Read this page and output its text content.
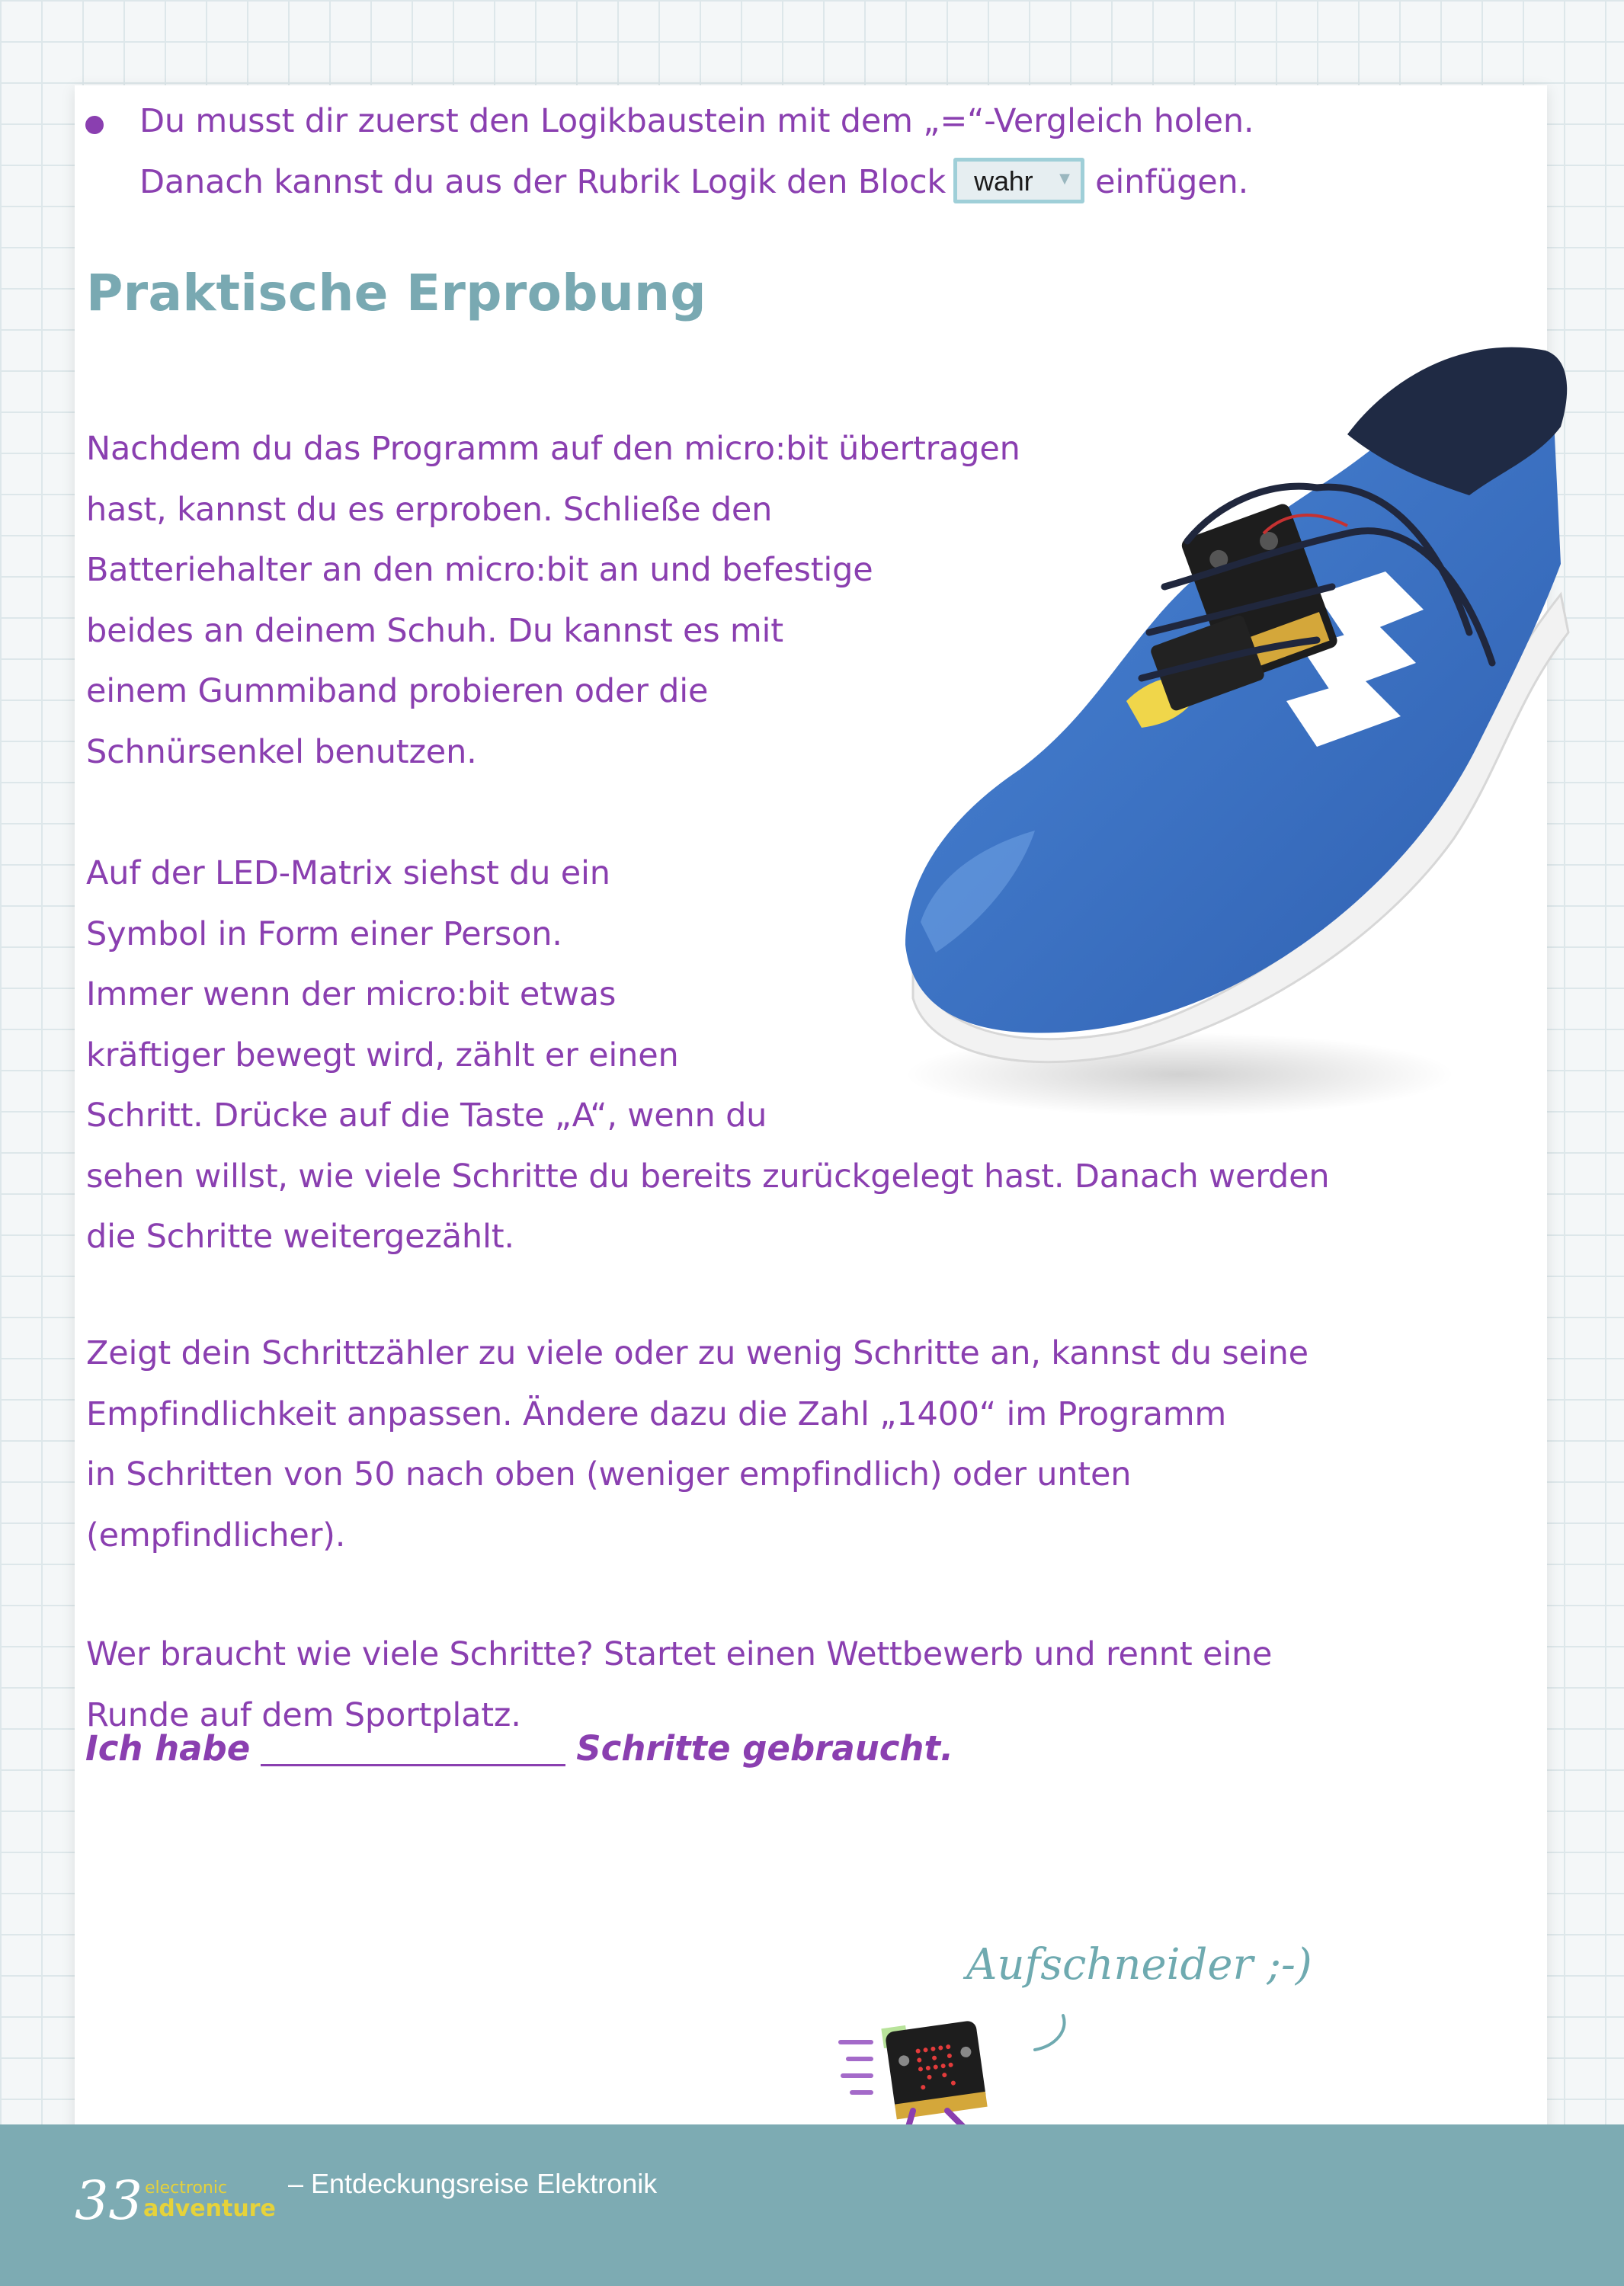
Du musst dir zuerst den Logikbaustein mit dem „=“-Vergleich holen.
Danach kannst du aus der Rubrik Logik den Block wahr ▼ einfügen.
Praktische Erprobung
Nachdem du das Programm auf den micro:bit übertragen
hast, kannst du es erproben. Schließe den
Batteriehalter an den micro:bit an und befestige
beides an deinem Schuh. Du kannst es mit
einem Gummiband probieren oder die
Schnürsenkel benutzen.
Auf der LED-Matrix siehst du ein
Symbol in Form einer Person.
Immer wenn der micro:bit etwas
kräftiger bewegt wird, zählt er einen
Schritt. Drücke auf die Taste „A“, wenn du
sehen willst, wie viele Schritte du bereits zurückgelegt hast. Danach werden
die Schritte weitergezählt.
Zeigt dein Schrittzähler zu viele oder zu wenig Schritte an, kannst du seine
Empfindlichkeit anpassen. Ändere dazu die Zahl „1400“ im Programm
in Schritten von 50 nach oben (weniger empfindlich) oder unten
(empfindlicher).
Wer braucht wie viele Schritte? Startet einen Wettbewerb und rennt eine
Runde auf dem Sportplatz.
Ich habe	Schritte gebraucht.
Aufschneider ;-)
33 electronic
adventure
– Entdeckungsreise Elektronik
